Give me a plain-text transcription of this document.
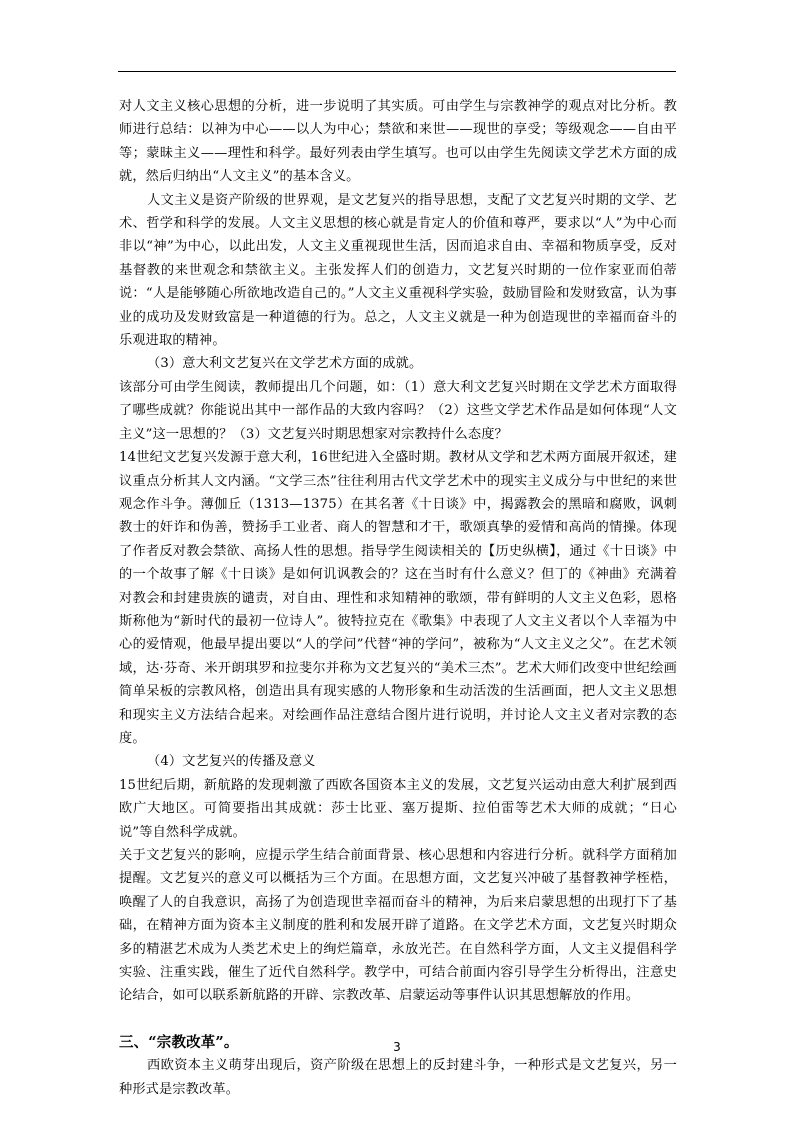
对人文主义核心思想的分析，进一步说明了其实质。可由学生与宗教神学的观点对比分析。教师进行总结：以神为中心——以人为中心；禁欲和来世——现世的享受；等级观念——自由平等；蒙昧主义——理性和科学。最好列表由学生填写。也可以由学生先阅读文学艺术方面的成就，然后归纳出“人文主义”的基本含义。

人文主义是资产阶级的世界观，是文艺复兴的指导思想，支配了文艺复兴时期的文学、艺术、哲学和科学的发展。人文主义思想的核心就是肯定人的价值和尊严，要求以“人”为中心而非以“神”为中心，以此出发，人文主义重视现世生活，因而追求自由、幸福和物质享受，反对基督教的来世观念和禁欲主义。主张发挥人们的创造力，文艺复兴时期的一位作家亚而伯蒂说：“人是能够随心所欲地改造自己的。”人文主义重视科学实验，鼓励冒险和发财致富，认为事业的成功及发财致富是一种道德的行为。总之，人文主义就是一种为创造现世的幸福而奋斗的乐观进取的精神。

（3）意大利文艺复兴在文学艺术方面的成就。

该部分可由学生阅读，教师提出几个问题，如：（1）意大利文艺复兴时期在文学艺术方面取得了哪些成就？你能说出其中一部作品的大致内容吗？（2）这些文学艺术作品是如何体现“人文主义”这一思想的？（3）文艺复兴时期思想家对宗教持什么态度？

14世纪文艺复兴发源于意大利，16世纪进入全盛时期。教材从文学和艺术两方面展开叙述，建议重点分析其人文内涵。“文学三杰”往往利用古代文学艺术中的现实主义成分与中世纪的来世观念作斗争。薄伽丘（1313—1375）在其名著《十日谈》中，揭露教会的黑暗和腐败，讽刺教士的奸诈和伪善，赞扬手工业者、商人的智慧和才干，歌颂真挚的爱情和高尚的情操。体现了作者反对教会禁欲、高扬人性的思想。指导学生阅读相关的【历史纵横】，通过《十日谈》中的一个故事了解《十日谈》是如何讥讽教会的？这在当时有什么意义？但丁的《神曲》充满着对教会和封建贵族的谴责，对自由、理性和求知精神的歌颂，带有鲜明的人文主义色彩，恩格斯称他为“新时代的最初一位诗人”。彼特拉克在《歌集》中表现了人文主义者以个人幸福为中心的爱情观，他最早提出要以“人的学问”代替“神的学问”，被称为“人文主义之父”。在艺术领域，达·芬奇、米开朗琪罗和拉斐尔并称为文艺复兴的“美术三杰”。艺术大师们改变中世纪绘画简单呆板的宗教风格，创造出具有现实感的人物形象和生动活泼的生活画面，把人文主义思想和现实主义方法结合起来。对绘画作品注意结合图片进行说明，并讨论人文主义者对宗教的态度。

（4）文艺复兴的传播及意义

15世纪后期，新航路的发现刺激了西欧各国资本主义的发展，文艺复兴运动由意大利扩展到西欧广大地区。可简要指出其成就：莎士比亚、塞万提斯、拉伯雷等艺术大师的成就；“日心说”等自然科学成就。

关于文艺复兴的影响，应提示学生结合前面背景、核心思想和内容进行分析。就科学方面稍加提醒。文艺复兴的意义可以概括为三个方面。在思想方面，文艺复兴冲破了基督教神学桎梏，唤醒了人的自我意识，高扬了为创造现世幸福而奋斗的精神，为后来启蒙思想的出现打下了基础，在精神方面为资本主义制度的胜利和发展开辟了道路。在文学艺术方面，文艺复兴时期众多的精湛艺术成为人类艺术史上的绚烂篇章，永放光芒。在自然科学方面，人文主义提倡科学实验、注重实践，催生了近代自然科学。教学中，可结合前面内容引导学生分析得出，注意史论结合，如可以联系新航路的开辟、宗教改革、启蒙运动等事件认识其思想解放的作用。

三、“宗教改革”。

西欧资本主义萌芽出现后，资产阶级在思想上的反封建斗争，一种形式是文艺复兴，另一种形式是宗教改革。

3
